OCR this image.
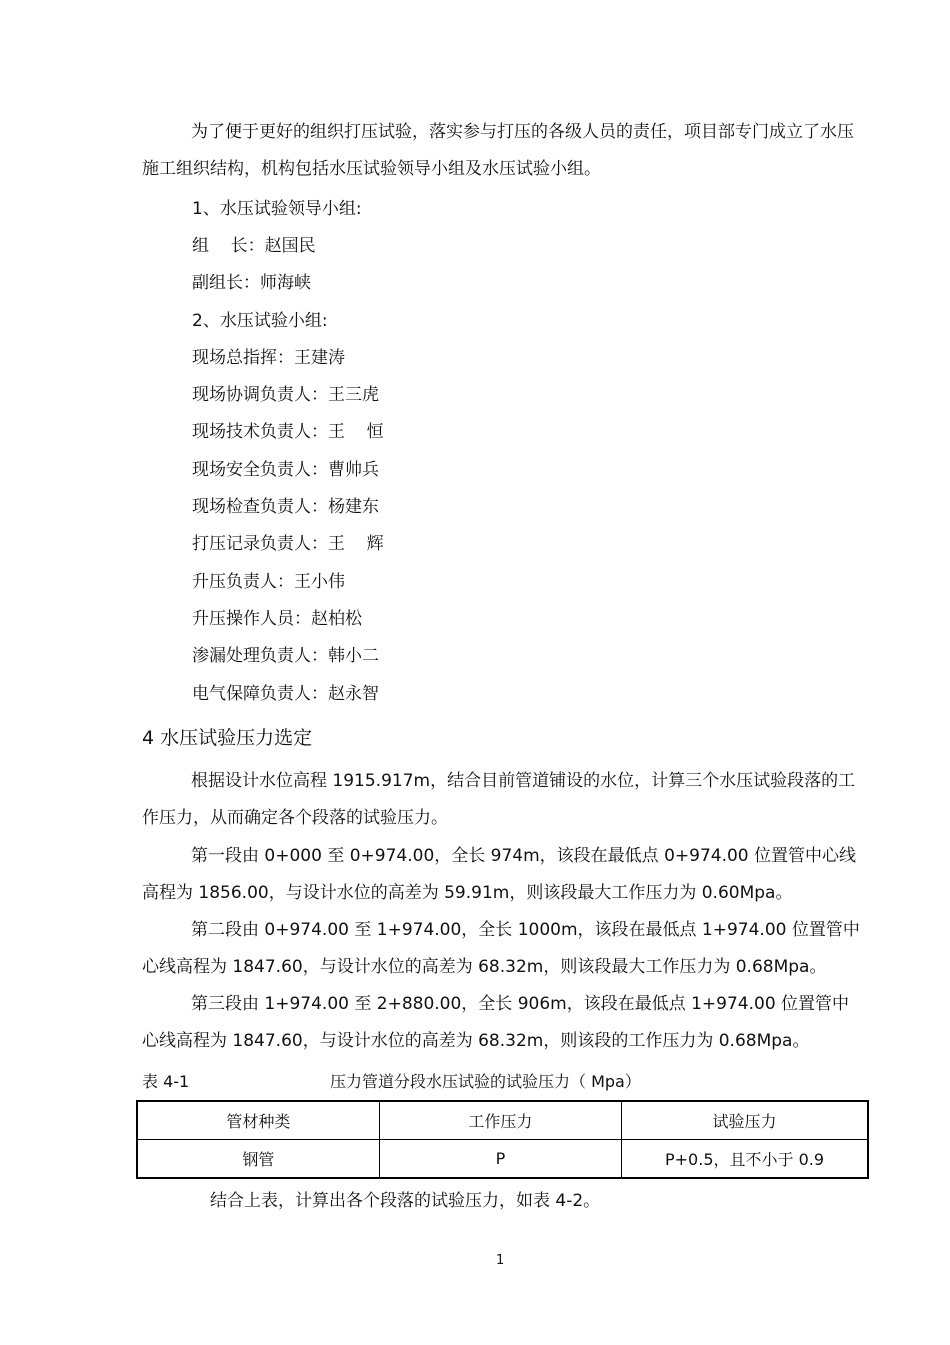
为了便于更好的组织打压试验，落实参与打压的各级人员的责任，项目部专门成立了水压施工组织结构，机构包括水压试验领导小组及水压试验小组。

1、水压试验领导小组:
组    长：赵国民
副组长：师海峡
2、水压试验小组:
现场总指挥：王建涛
现场协调负责人：王三虎
现场技术负责人：王    恒
现场安全负责人：曹帅兵
现场检查负责人：杨建东
打压记录负责人：王    辉
升压负责人：王小伟
升压操作人员：赵柏松
渗漏处理负责人：韩小二
电气保障负责人：赵永智
4 水压试验压力选定

根据设计水位高程 1915.917m，结合目前管道铺设的水位，计算三个水压试验段落的工作压力，从而确定各个段落的试验压力。

第一段由 0+000 至 0+974.00，全长 974m，该段在最低点 0+974.00 位置管中心线高程为 1856.00，与设计水位的高差为 59.91m，则该段最大工作压力为 0.60Mpa。

第二段由 0+974.00 至 1+974.00，全长 1000m，该段在最低点 1+974.00 位置管中心线高程为 1847.60，与设计水位的高差为 68.32m，则该段最大工作压力为 0.68Mpa。

第三段由 1+974.00 至 2+880.00，全长 906m，该段在最低点 1+974.00 位置管中心线高程为 1847.60，与设计水位的高差为 68.32m，则该段的工作压力为 0.68Mpa。

表 4-1	压力管道分段水压试验的试验压力（ Mpa）
管材种类	工作压力	试验压力
钢管	P	P+0.5，且不小于 0.9
结合上表，计算出各个段落的试验压力，如表 4-2。
1
